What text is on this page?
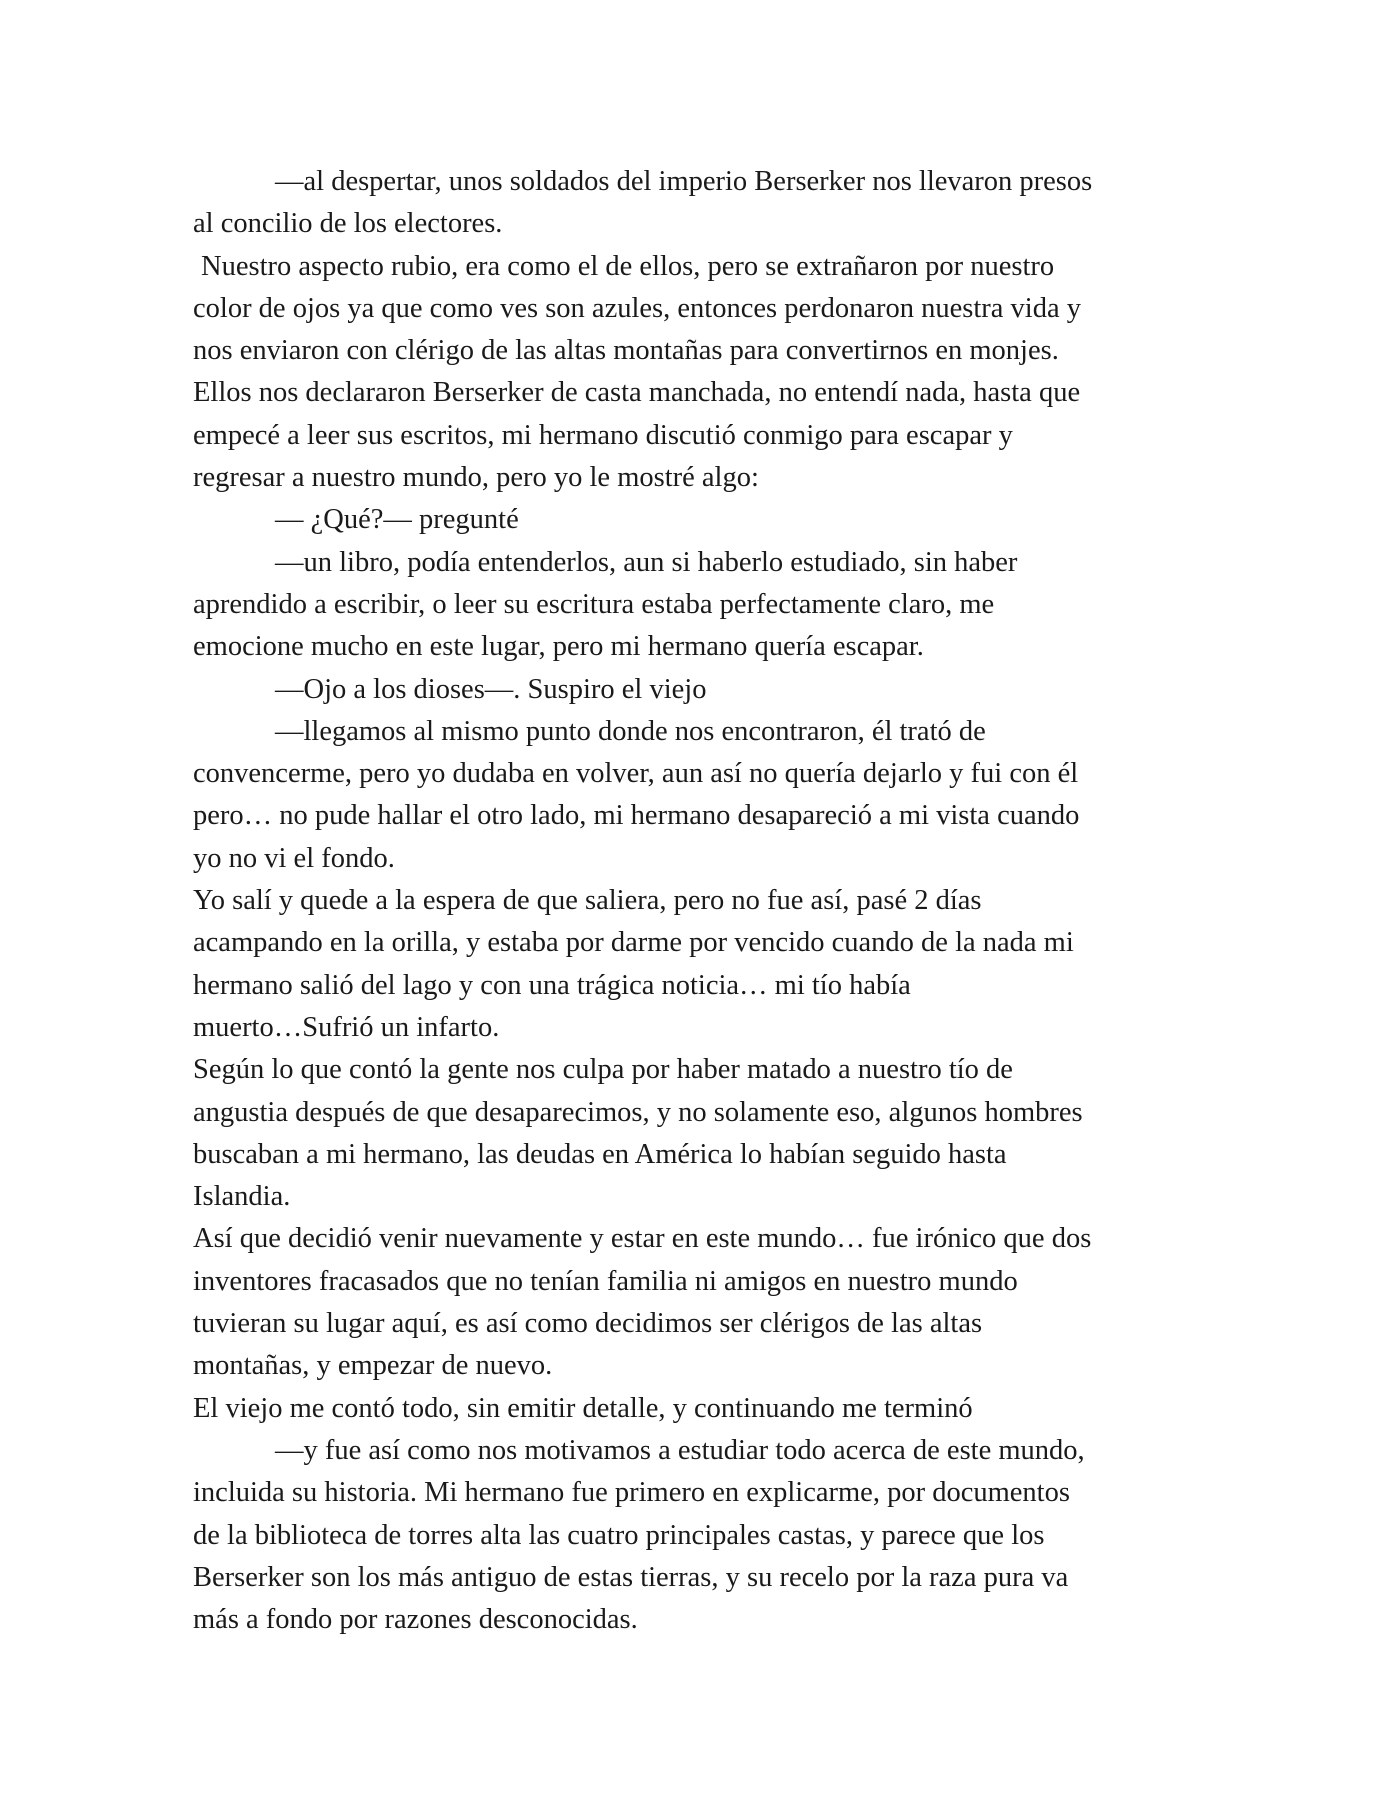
—al despertar, unos soldados del imperio Berserker nos llevaron presos
al concilio de los electores.
Nuestro aspecto rubio, era como el de ellos, pero se extrañaron por nuestro
color de ojos ya que como ves son azules, entonces perdonaron nuestra vida y
nos enviaron con clérigo de las altas montañas para convertirnos en monjes.
Ellos nos declararon Berserker de casta manchada, no entendí nada, hasta que
empecé a leer sus escritos, mi hermano discutió conmigo para escapar y
regresar a nuestro mundo, pero yo le mostré algo:
— ¿Qué?— pregunté
—un libro, podía entenderlos, aun si haberlo estudiado, sin haber
aprendido a escribir, o leer su escritura estaba perfectamente claro, me
emocione mucho en este lugar, pero mi hermano quería escapar.
—Ojo a los dioses—. Suspiro el viejo
—llegamos al mismo punto donde nos encontraron, él trató de
convencerme, pero yo dudaba en volver, aun así no quería dejarlo y fui con él
pero… no pude hallar el otro lado, mi hermano desapareció a mi vista cuando
yo no vi el fondo.
Yo salí y quede a la espera de que saliera, pero no fue así, pasé 2 días
acampando en la orilla, y estaba por darme por vencido cuando de la nada mi
hermano salió del lago y con una trágica noticia… mi tío había
muerto…Sufrió un infarto.
Según lo que contó la gente nos culpa por haber matado a nuestro tío de
angustia después de que desaparecimos, y no solamente eso, algunos hombres
buscaban a mi hermano, las deudas en América lo habían seguido hasta
Islandia.
Así que decidió venir nuevamente y estar en este mundo… fue irónico que dos
inventores fracasados que no tenían familia ni amigos en nuestro mundo
tuvieran su lugar aquí, es así como decidimos ser clérigos de las altas
montañas, y empezar de nuevo.
El viejo me contó todo, sin emitir detalle, y continuando me terminó
—y fue así como nos motivamos a estudiar todo acerca de este mundo,
incluida su historia. Mi hermano fue primero en explicarme, por documentos
de la biblioteca de torres alta las cuatro principales castas, y parece que los
Berserker son los más antiguo de estas tierras, y su recelo por la raza pura va
más a fondo por razones desconocidas.
